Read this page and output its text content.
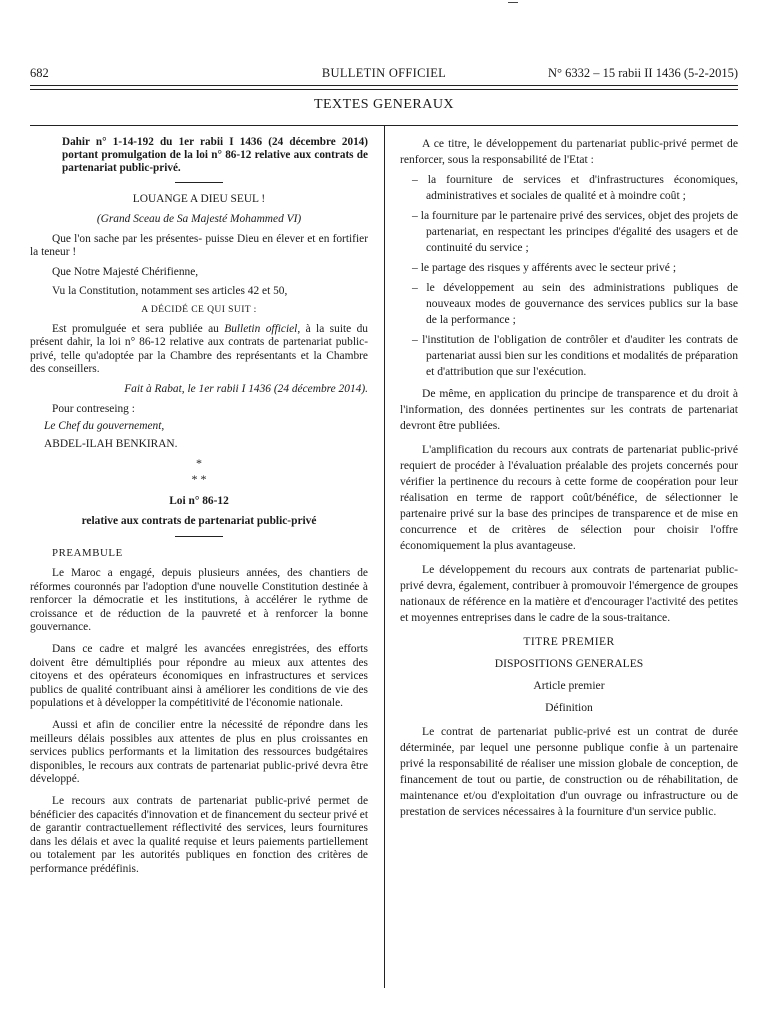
682	BULLETIN OFFICIEL	N° 6332 – 15 rabii II 1436 (5-2-2015)
TEXTES GENERAUX

Dahir n° 1-14-192 du 1er rabii I 1436 (24 décembre 2014) portant promulgation de la loi n° 86-12 relative aux contrats de partenariat public-privé.

LOUANGE A DIEU SEUL !

(Grand Sceau de Sa Majesté Mohammed VI)

Que l'on sache par les présentes- puisse Dieu en élever et en fortifier la teneur !

Que Notre Majesté Chérifienne,

Vu la Constitution, notamment ses articles 42 et 50,

A DÉCIDÉ CE QUI SUIT :

Est promulguée et sera publiée au Bulletin officiel, à la suite du présent dahir, la loi n° 86-12 relative aux contrats de partenariat public-privé, telle qu'adoptée par la Chambre des représentants et la Chambre des conseillers.

Fait à Rabat, le 1er rabii I 1436 (24 décembre 2014).

Pour contreseing :

Le Chef du gouvernement,

ABDEL-ILAH BENKIRAN.

*

* *

Loi n° 86-12

relative aux contrats de partenariat public-privé

PREAMBULE

Le Maroc a engagé, depuis plusieurs années, des chantiers de réformes couronnés par l'adoption d'une nouvelle Constitution destinée à renforcer la démocratie et les institutions, à accélérer le rythme de croissance et de réduction de la pauvreté et à renforcer la bonne gouvernance.

Dans ce cadre et malgré les avancées enregistrées, des efforts doivent être démultipliés pour répondre au mieux aux attentes des citoyens et des opérateurs économiques en infrastructures et services publics de qualité contribuant ainsi à améliorer les conditions de vie des populations et à développer la compétitivité de l'économie nationale.

Aussi et afin de concilier entre la nécessité de répondre dans les meilleurs délais possibles aux attentes de plus en plus croissantes en services publics performants et la limitation des ressources budgétaires disponibles, le recours aux contrats de partenariat public-privé devra être développé.

Le recours aux contrats de partenariat public-privé permet de bénéficier des capacités d'innovation et de financement du secteur privé et de garantir contractuellement réflectivité des services, leurs fournitures dans les délais et avec la qualité requise et leurs paiements partiellement ou totalement par les autorités publiques en fonction des critères de performance prédéfinis.

A ce titre, le développement du partenariat public-privé permet de renforcer, sous la responsabilité de l'Etat :

– la fourniture de services et d'infrastructures économiques, administratives et sociales de qualité et à moindre coût ;

– la fourniture par le partenaire privé des services, objet des projets de partenariat, en respectant les principes d'égalité des usagers et de continuité du service ;

– le partage des risques y afférents avec le secteur privé ;

– le développement au sein des administrations publiques de nouveaux modes de gouvernance des services publics sur la base de la performance ;

– l'institution de l'obligation de contrôler et d'auditer les contrats de partenariat aussi bien sur les conditions et modalités de préparation et d'attribution que sur l'exécution.

De même, en application du principe de transparence et du droit à l'information, des données pertinentes sur les contrats de partenariat devront être publiées.

L'amplification du recours aux contrats de partenariat public-privé requiert de procéder à l'évaluation préalable des projets concernés pour vérifier la pertinence du recours à cette forme de coopération pour leur réalisation en terme de rapport coût/bénéfice, de sélectionner le partenaire privé sur la base des principes de transparence et de mise en concurrence et de critères de sélection pour choisir l'offre économiquement la plus avantageuse.

Le développement du recours aux contrats de partenariat public-privé devra, également, contribuer à promouvoir l'émergence de groupes nationaux de référence en la matière et d'encourager l'activité des petites et moyennes entreprises dans le cadre de la sous-traitance.

TITRE PREMIER

DISPOSITIONS GENERALES

Article premier

Définition

Le contrat de partenariat public-privé est un contrat de durée déterminée, par lequel une personne publique confie à un partenaire privé la responsabilité de réaliser une mission globale de conception, de financement de tout ou partie, de construction ou de réhabilitation, de maintenance et/ou d'exploitation d'un ouvrage ou infrastructure ou de prestation de services nécessaires à la fourniture d'un service public.
